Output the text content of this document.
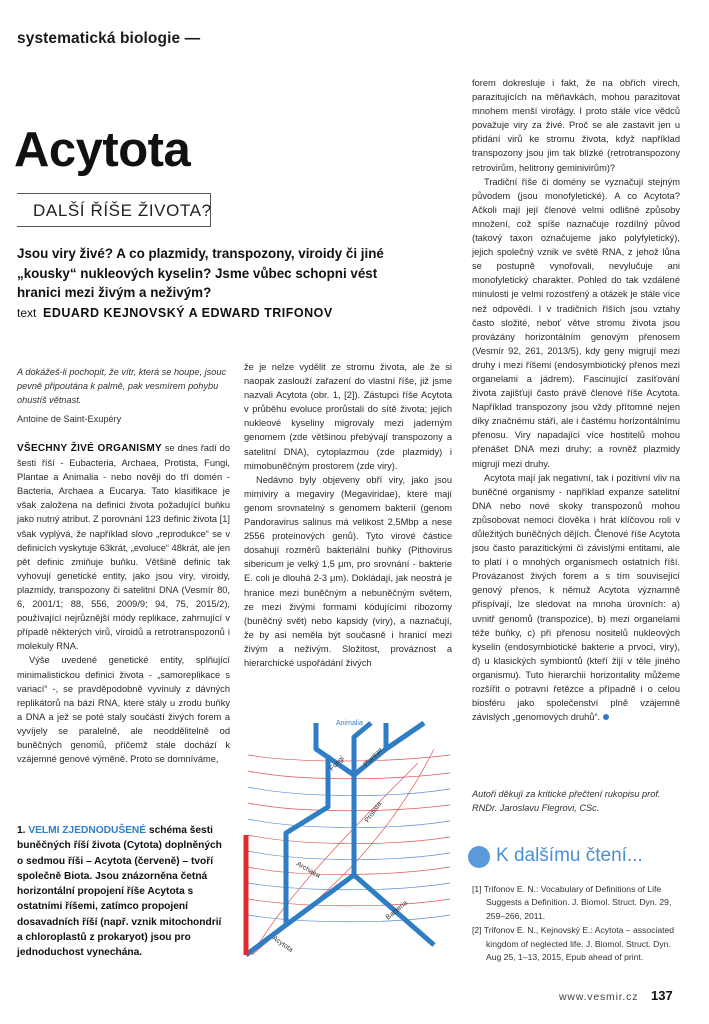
systematická biologie —
Acytota
DALŠÍ ŘÍŠE ŽIVOTA?
Jsou viry živé? A co plazmidy, transpozony, viroidy či jiné „kousky“ nukleových kyselin? Jsme vůbec schopni vést hranici mezi živým a neživým?
text EDUARD KEJNOVSKÝ A EDWARD TRIFONOV
A dokážeš-li pochopit, že vítr, která se houpe, jsouc pevně připoutána k palmě, pak vesmírem pohybu ohustíš větnast.
Antoine de Saint-Exupéry

VŠECHNY ŽIVÉ ORGANISMY se dnes řadí do šesti říší - Eubacteria, Archaea, Protista, Fungi, Plantae a Animalia - nebo nověji do tří domén - Bacteria, Archaea a Eucarya. Tato klasifikace je však založena na definici života požadující buňku jako nutný atribut. Z porovnání 123 definic života [1] však vyplývá, že například slovo „reprodukce“ se v definicích vyskytuje 63krát, „evoluce“ 48krát, ale jen pět definic zmiňuje buňku. Většině definic tak vyhovují genetické entity, jako jsou viry, viroidy, plazmidy, transpozony či satelitní DNA (Vesmír 80, 6, 2001/1; 88, 556, 2009/9; 94, 75, 2015/2), používající nejrůznější módy replikace, zahrnující v případě některých virů, viroidů a retrotranspozonů i molekuly RNA.

Výše uvedené genetické entity, splňující minimalistickou definici života - „samoreplikace s variací“ -, se pravděpodobně vyvinuly z dávných replikátorů na bázi RNA, které stály u zrodu buňky a DNA a jež se poté staly součástí živých forem a vyvíjely se paralelně, ale neoddělitelně od buněčných genomů, přičemž stále dochází k vzájemné genové výměně. Proto se domníváme,

1. VELMI ZJEDNODUŠENÉ schéma šesti buněčných říší života (Cytota) doplněných o sedmou říši – Acytota (červeně) – tvoří společně Biota. Jsou znázorněna četná horizontální propojení říše Acytota s ostatními říšemi, zatímco propojení dosavadních říší (např. vznik mitochondrií a chloroplastů z prokaryot) jsou pro jednoduchost vynechána.

že je nelze vydělit ze stromu života, ale že si naopak zaslouží zařazení do vlastní říše, již jsme nazvali Acytota (obr. 1, [2]). Zástupci říše Acytota v průběhu evoluce prorůstali do sítě života; jejich nukleové kyseliny migrovaly mezi jaderným genomem (zde většinou přebývají transpozony a satelitní DNA), cytoplazmou (zde plazmidy) i mimobuněčným prostorem (zde viry).

Nedávno byly objeveny obří viry, jako jsou mimiviry a megaviry (Megaviridae), které mají genom srovnatelný s genomem bakterií (genom Pandoravirus salinus má velikost 2,5Mbp a nese 2556 proteinových genů). Tyto virové částice dosahují rozměrů bakteriální buňky (Pithovirus sibericum je velký 1,5 μm, pro srovnání - bakterie E. coli je dlouhá 2-3 μm). Dokládají, jak neostrá je hranice mezi buněčným a nebuněčným světem, ze mezi živými formami kódujícími ribozomy (buněčný svět) nebo kapsidy (viry), a naznačují, že by asi neměla být současně i hranicí mezi živým a neživým. Složitost, prováznost a hierarchické uspořádání živých

Animalia
Fungi Plantae
Protista
Archaea
Bacteria
Acytota

forem dokresluje i fakt, že na obřích virech, parazitujících na měňavkách, mohou parazitovat mnohem menší virofágy. I proto stále více vědců považuje viry za živé. Proč se ale zastavit jen u přidání virů ke stromu života, když například transpozony jsou jim tak blízké (retrotranspozony retrovirům, helitrony geminivirům)?

Tradiční říše či domény se vyznačují stejným původem (jsou monofyletické). A co Acytota? Ačkoli mají její členové velmi odlišné způsoby množení, což spíše naznačuje rozdílný původ (takový taxon označujeme jako polyfyletický), jejich společný vznik ve světě RNA, z jehož lůna se postupně vynořovali, nevylučuje ani monofyletický charakter. Pohled do tak vzdálené minulosti je velmi rozostřený a otázek je stále více než odpovědí. I v tradičních říších jsou vztahy často složité, neboť větve stromu života jsou provázány horizontálním genovým přenosem (Vesmír 92, 261, 2013/5), kdy geny migrují mezi druhy i mezi říšemi (endosymbiotický přenos mezi organelami a jádrem). Fascinující zasíťování života zajišťují často právě členové říše Acytota. Například transpozony jsou vždy přítomné nejen díky značnému stáří, ale i častému horizontálnímu přenosu. Viry napadající více hostitelů mohou přenášet DNA mezi druhy; a rovněž plazmidy migrují mezi druhy.

Acytota mají jak negativní, tak i pozitivní vliv na buněčné organismy - například expanze satelitní DNA nebo nové skoky transpozonů mohou způsobovat nemoci člověka i hrát klíčovou roli v důležitých buněčných dějích. Členové říše Acytota jsou často parazitickými či závislými entitami, ale to platí i o mnohých organismech ostatních říší. Provázanost živých forem a s tím související genový přenos, k němuž Acytota významně přispívají, lze sledovat na mnoha úrovních: a) uvnitř genomů (transpozice), b) mezi organelami téže buňky, c) při přenosu nositelů nukleových kyselin (endosymbiotické bakterie a prvoci, viry), d) u klasických symbiontů (kteří žijí v těle jiného organismu). Tuto hierarchii horizontality můžeme rozšířit o potravní řetězce a případně i o celou biosféru jako společenství plně vzájemně závislých „genomových druhů“.

Autoři děkují za kritické přečtení rukopisu prof. RNDr. Jaroslavu Flegrovi, CSc.
K dalšímu čtení...
[1] Trifonov E. N.: Vocabulary of Definitions of Life Suggests a Definition. J. Biomol. Struct. Dyn. 29, 259–266, 2011.
[2] Trifonov E. N., Kejnovský E.: Acytota – associated kingdom of neglected life. J. Biomol. Struct. Dyn. Aug 25, 1–13, 2015, Epub ahead of print.
www.vesmir.cz 137
